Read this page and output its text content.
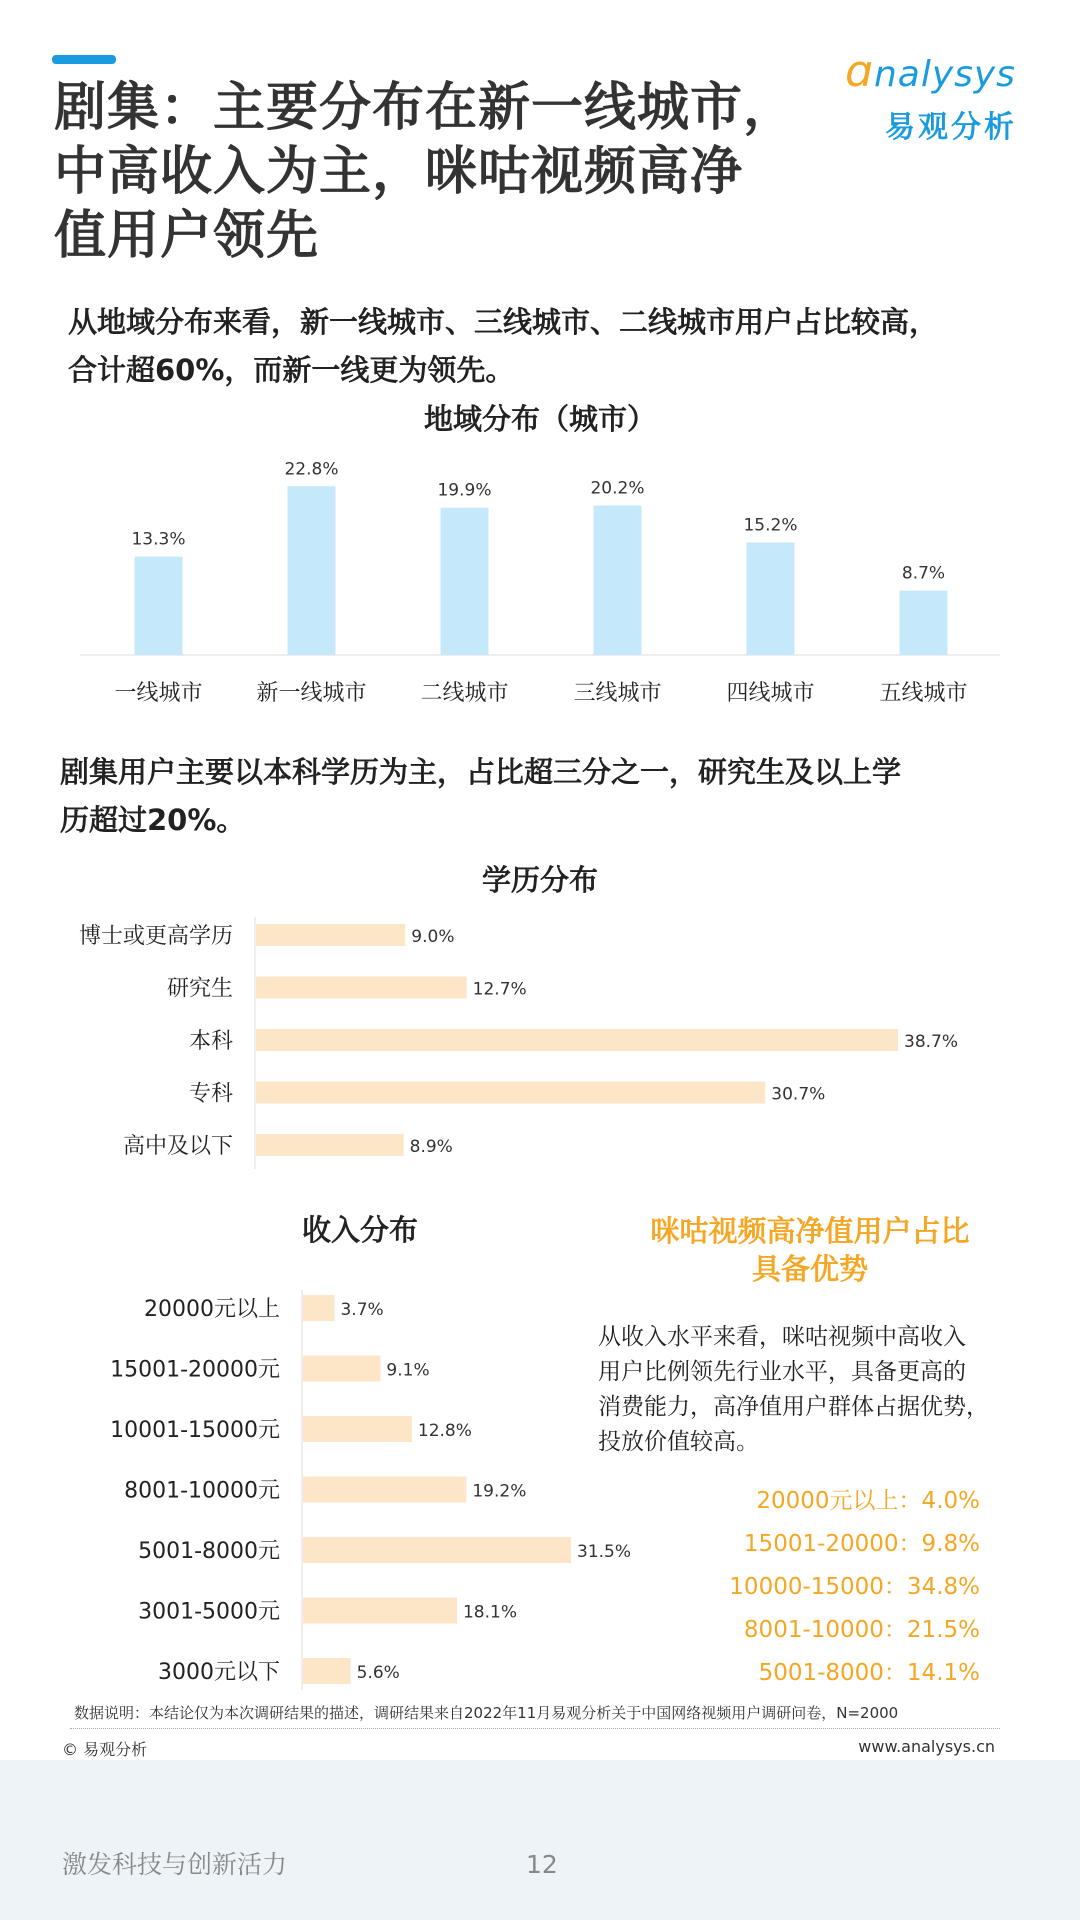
剧集：主要分布在新一线城市，
中高收入为主，咪咕视频高净
值用户领先
ɑnalysys
易观分析
从地域分布来看，新一线城市、三线城市、二线城市用户占比较高，
合计超60%，而新一线更为领先。
地域分布（城市）
13.3%
一线城市
22.8%
新一线城市
19.9%
二线城市
20.2%
三线城市
15.2%
四线城市
8.7%
五线城市
剧集用户主要以本科学历为主，占比超三分之一，研究生及以上学
历超过20%。
学历分布
博士或更高学历	9.0%
研究生	12.7%
本科	38.7%
专科	30.7%
高中及以下	8.9%
收入分布
20000元以上	3.7%
15001-20000元	9.1%
10001-15000元	12.8%
8001-10000元	19.2%
5001-8000元	31.5%
3001-5000元	18.1%
3000元以下	5.6%
咪咕视频高净值用户占比
具备优势
从收入水平来看，咪咕视频中高收入
用户比例领先行业水平，具备更高的
消费能力，高净值用户群体占据优势，
投放价值较高。
20000元以上：4.0%
15001-20000：9.8%
10000-15000：34.8%
8001-10000：21.5%
5001-8000：14.1%
数据说明：本结论仅为本次调研结果的描述，调研结果来自2022年11月易观分析关于中国网络视频用户调研问卷，N=2000
© 易观分析	www.analysys.cn
激发科技与创新活力	12
